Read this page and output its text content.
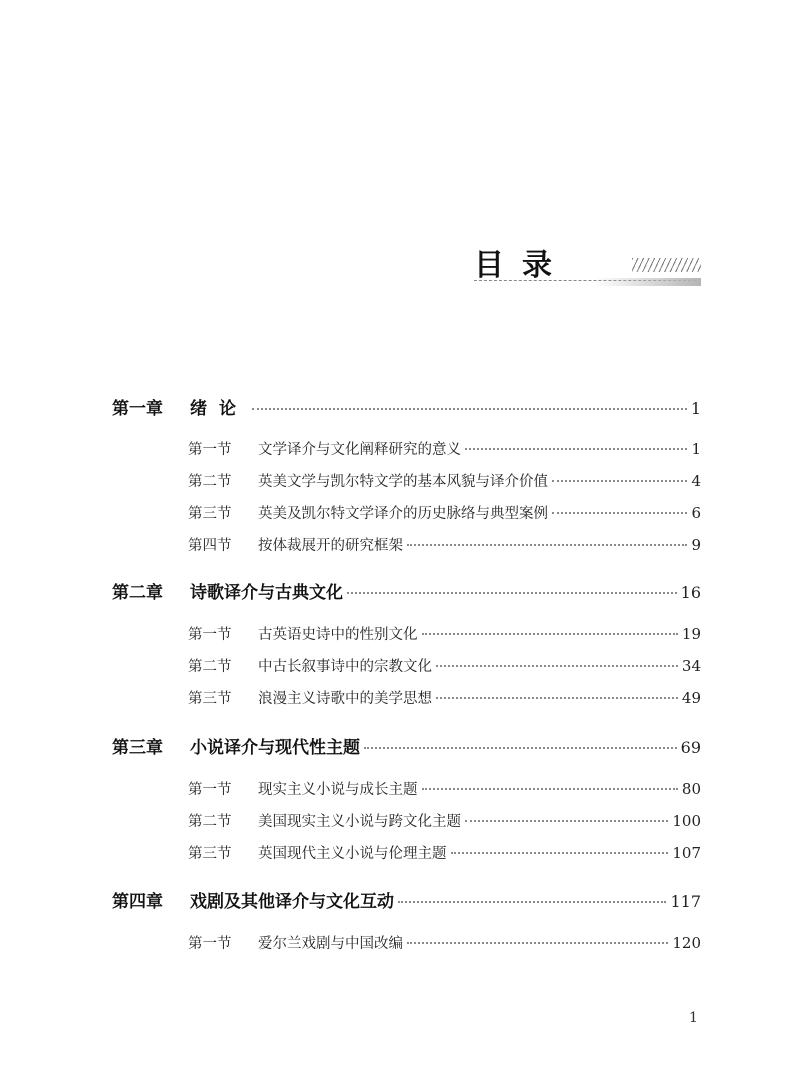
目录
第一章	绪论	1
第一节	文学译介与文化阐释研究的意义	1
第二节	英美文学与凯尔特文学的基本风貌与译介价值	4
第三节	英美及凯尔特文学译介的历史脉络与典型案例	6
第四节	按体裁展开的研究框架	9
第二章	诗歌译介与古典文化	16
第一节	古英语史诗中的性别文化	19
第二节	中古长叙事诗中的宗教文化	34
第三节	浪漫主义诗歌中的美学思想	49
第三章	小说译介与现代性主题	69
第一节	现实主义小说与成长主题	80
第二节	美国现实主义小说与跨文化主题	100
第三节	英国现代主义小说与伦理主题	107
第四章	戏剧及其他译介与文化互动	117
第一节	爱尔兰戏剧与中国改编	120
1
